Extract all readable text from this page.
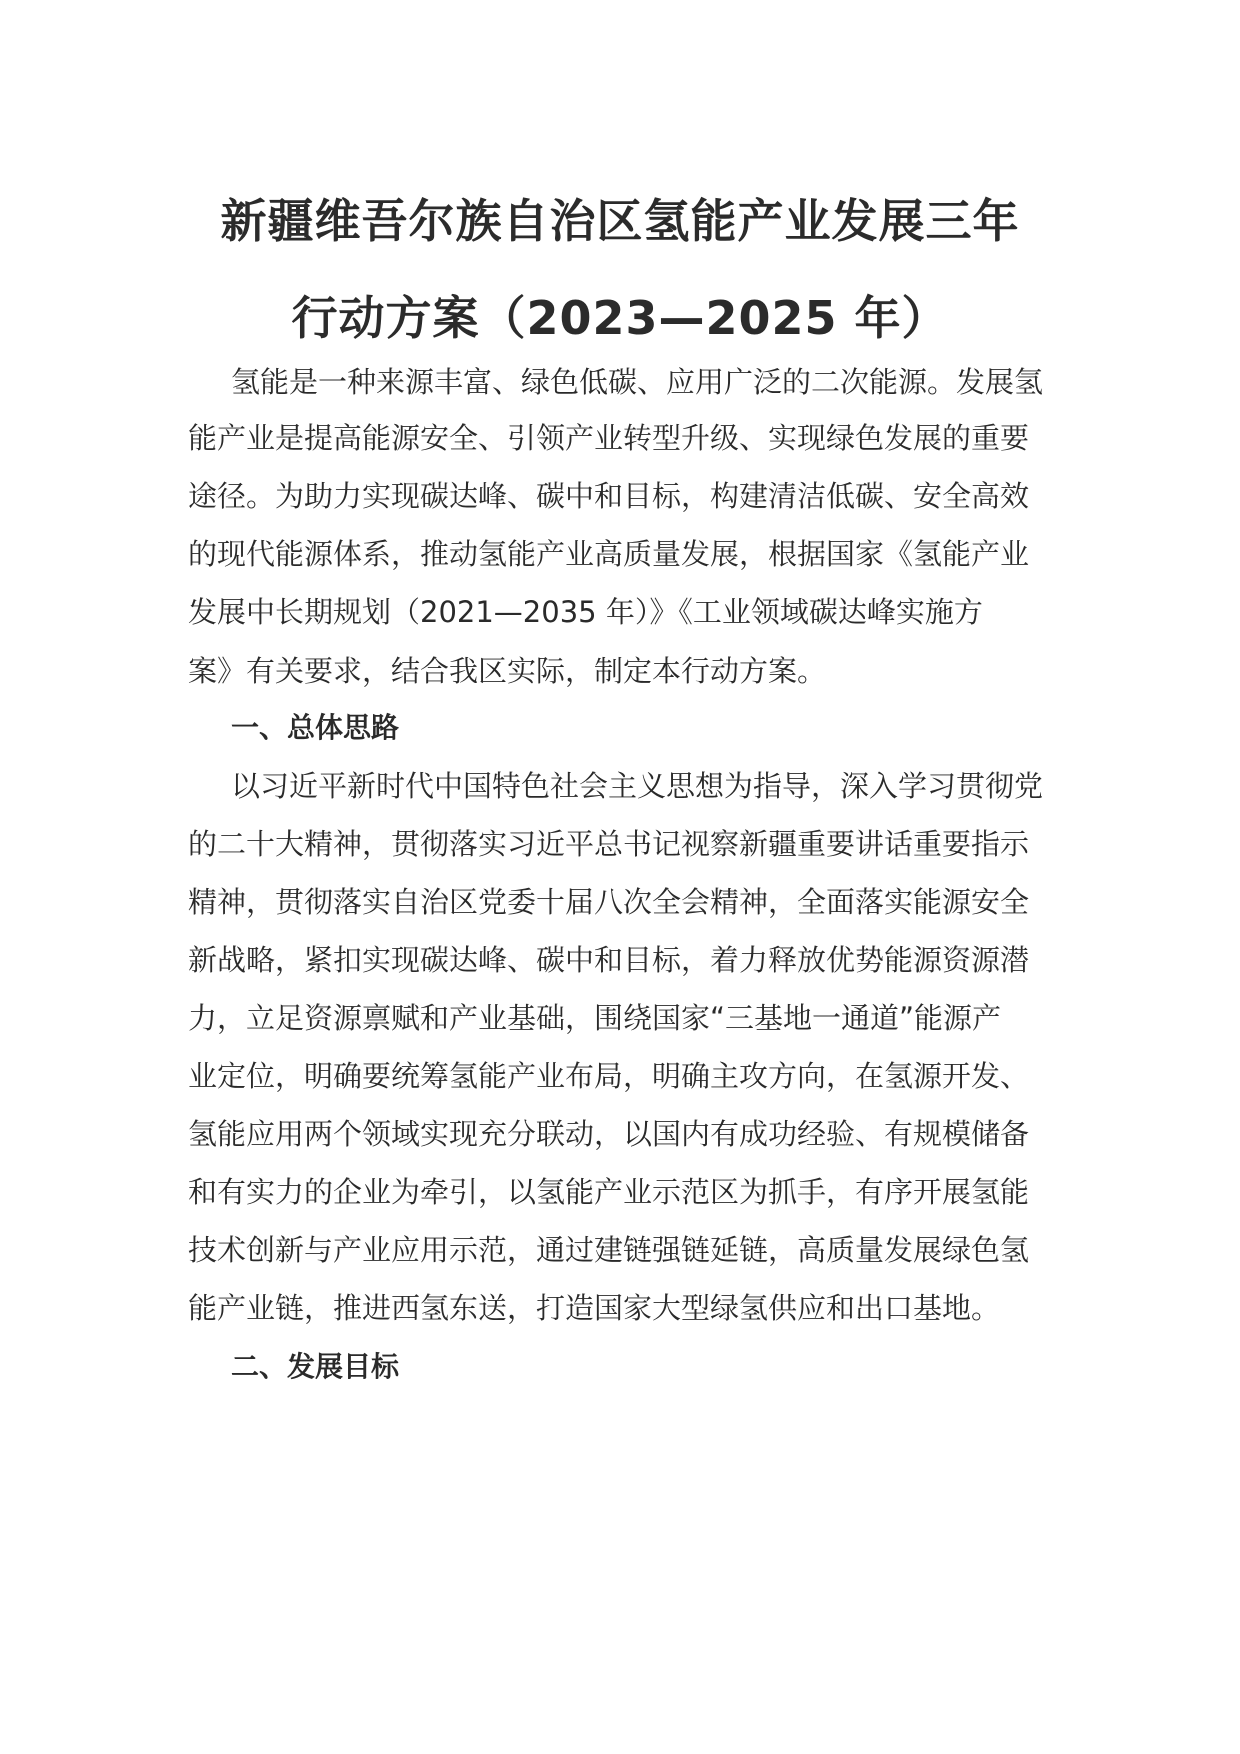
新疆维吾尔族自治区氢能产业发展三年
行动方案（2023—2025 年）

氢能是一种来源丰富、绿色低碳、应用广泛的二次能源。发展氢

能产业是提高能源安全、引领产业转型升级、实现绿色发展的重要

途径。为助力实现碳达峰、碳中和目标，构建清洁低碳、安全高效

的现代能源体系，推动氢能产业高质量发展，根据国家《氢能产业

发展中长期规划（2021—2035 年）》《工业领域碳达峰实施方

案》有关要求，结合我区实际，制定本行动方案。

一、总体思路

以习近平新时代中国特色社会主义思想为指导，深入学习贯彻党

的二十大精神，贯彻落实习近平总书记视察新疆重要讲话重要指示

精神，贯彻落实自治区党委十届八次全会精神，全面落实能源安全

新战略，紧扣实现碳达峰、碳中和目标，着力释放优势能源资源潜

力，立足资源禀赋和产业基础，围绕国家“三基地一通道”能源产

业定位，明确要统筹氢能产业布局，明确主攻方向，在氢源开发、

氢能应用两个领域实现充分联动，以国内有成功经验、有规模储备

和有实力的企业为牵引，以氢能产业示范区为抓手，有序开展氢能

技术创新与产业应用示范，通过建链强链延链，高质量发展绿色氢

能产业链，推进西氢东送，打造国家大型绿氢供应和出口基地。

二、发展目标
